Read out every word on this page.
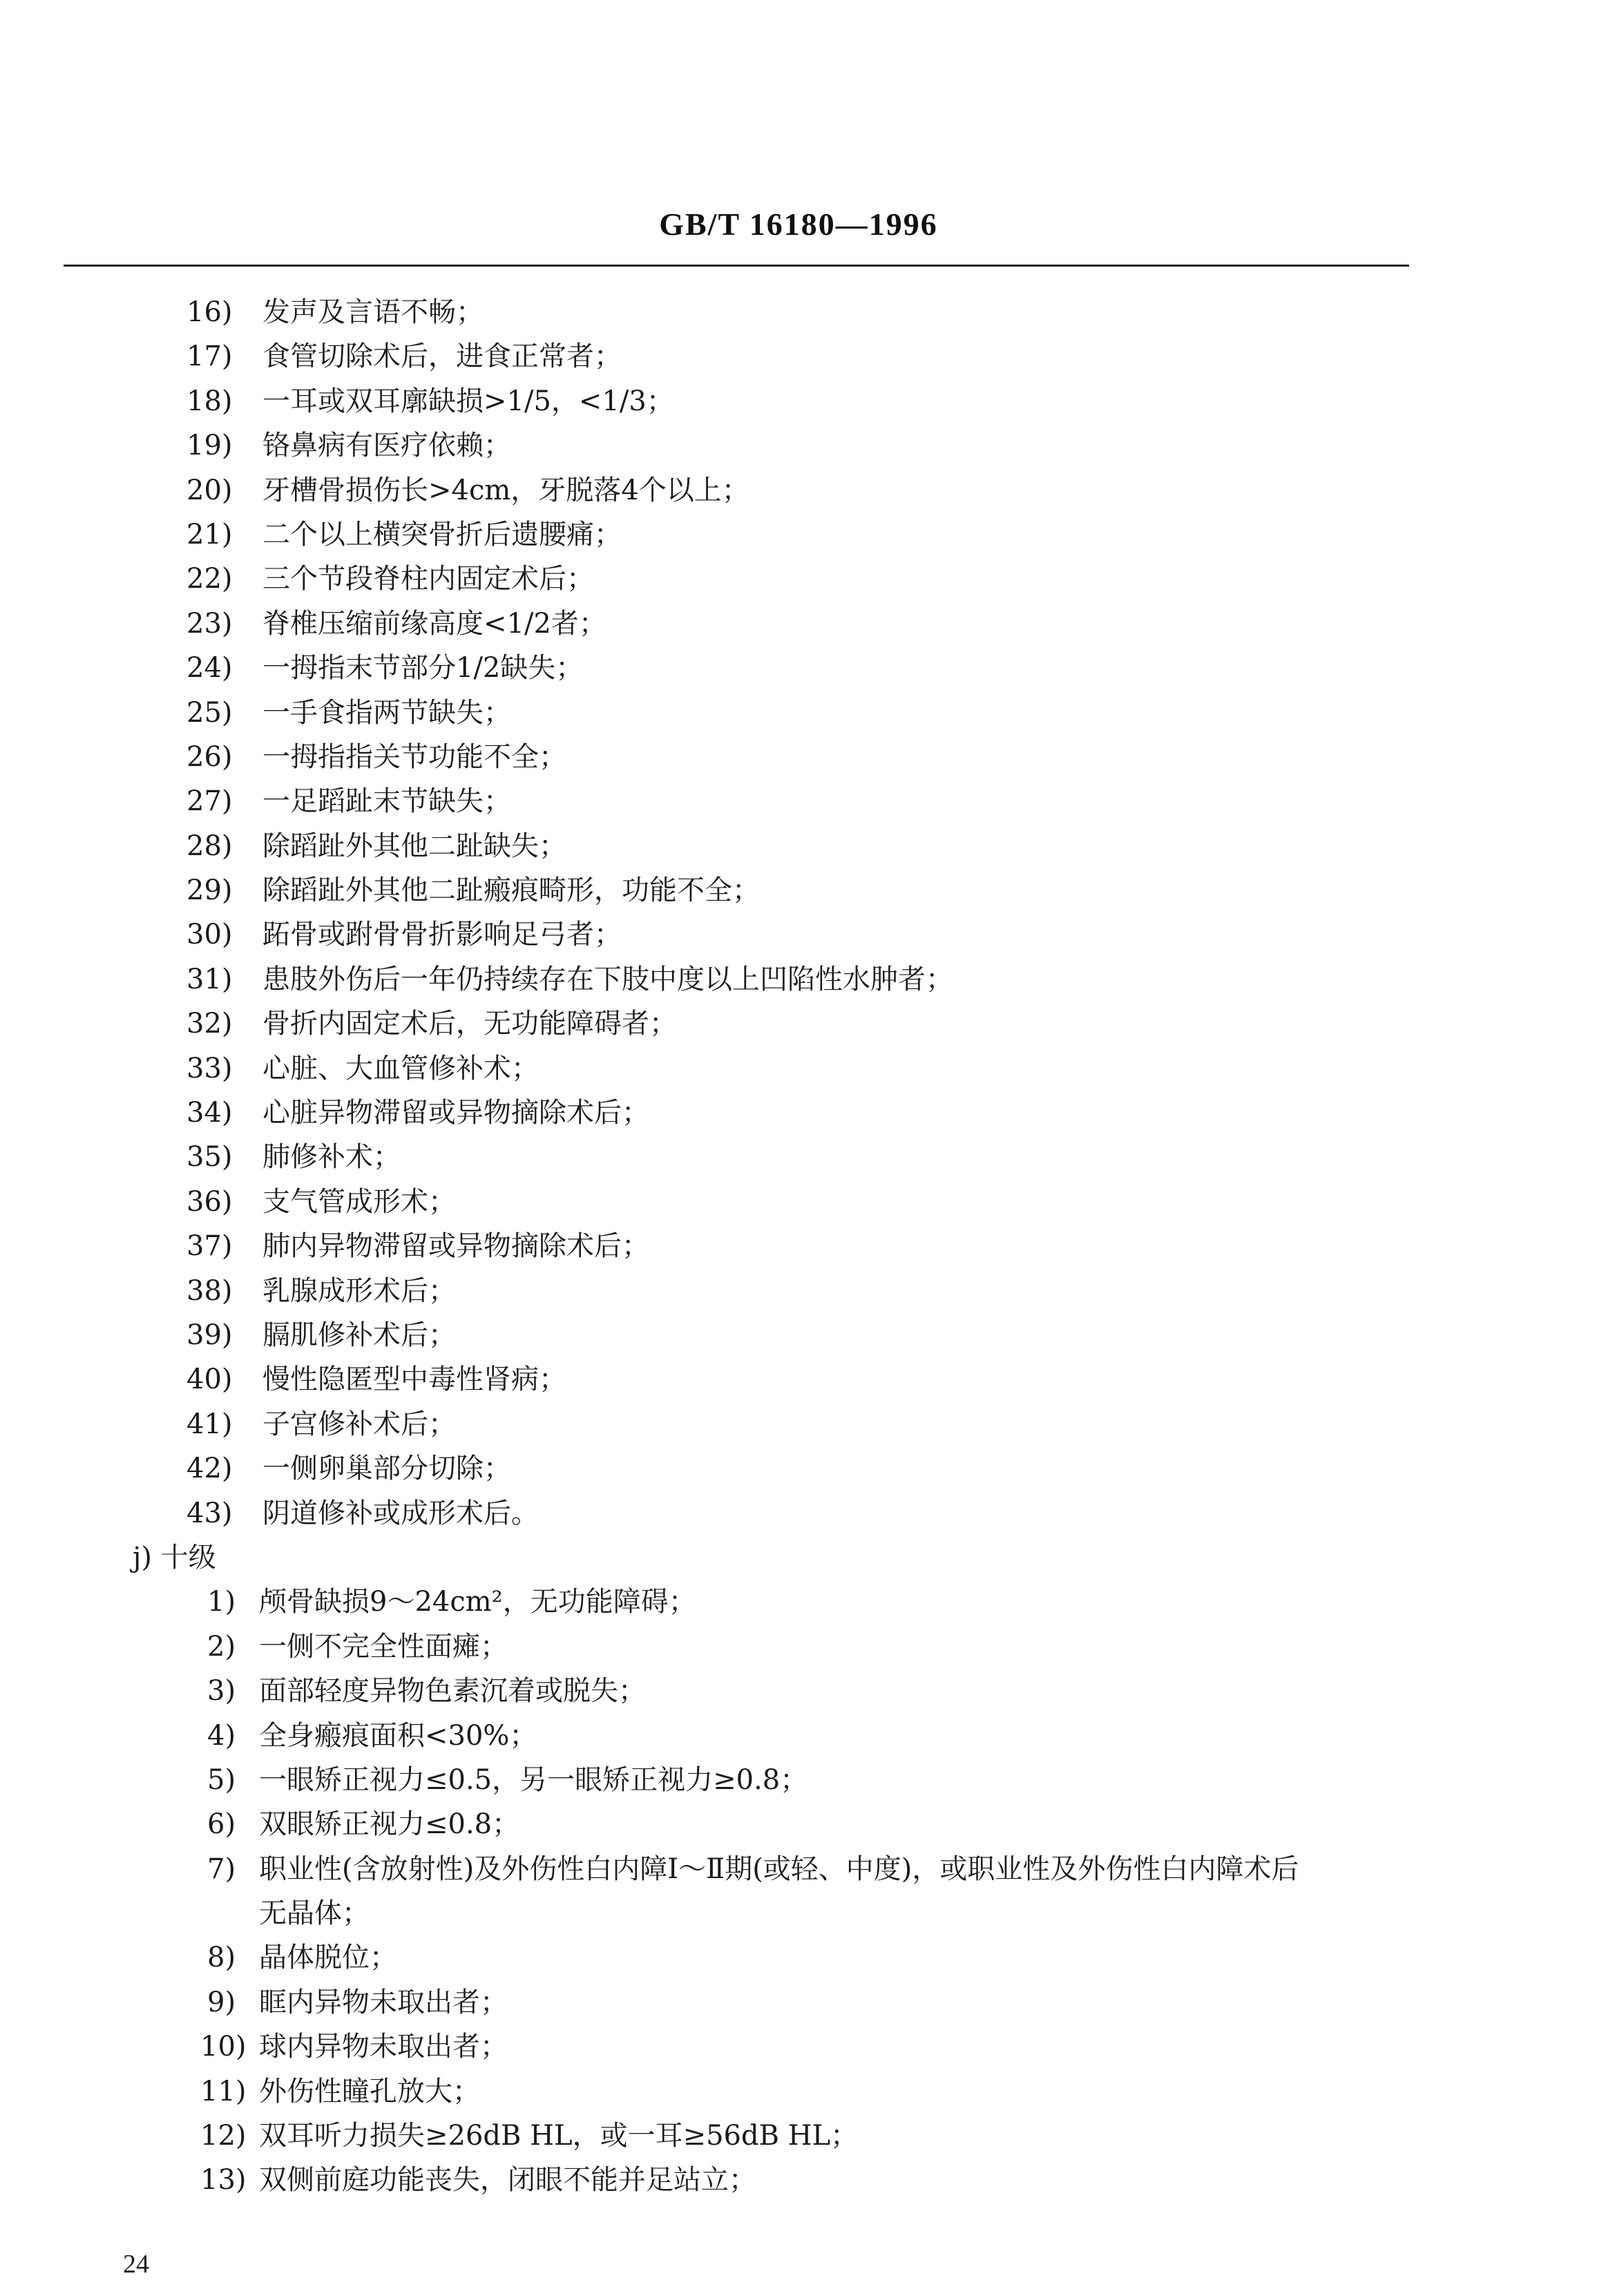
GB/T 16180—1996
16)	发声及言语不畅；
17)	食管切除术后，进食正常者；
18)	一耳或双耳廓缺损>1/5，<1/3；
19)	铬鼻病有医疗依赖；
20)	牙槽骨损伤长>4cm，牙脱落4个以上；
21)	二个以上横突骨折后遗腰痛；
22)	三个节段脊柱内固定术后；
23)	脊椎压缩前缘高度<1/2者；
24)	一拇指末节部分1/2缺失；
25)	一手食指两节缺失；
26)	一拇指指关节功能不全；
27)	一足蹈趾末节缺失；
28)	除蹈趾外其他二趾缺失；
29)	除蹈趾外其他二趾瘢痕畸形，功能不全；
30)	跖骨或跗骨骨折影响足弓者；
31)	患肢外伤后一年仍持续存在下肢中度以上凹陷性水肿者；
32)	骨折内固定术后，无功能障碍者；
33)	心脏、大血管修补术；
34)	心脏异物滞留或异物摘除术后；
35)	肺修补术；
36)	支气管成形术；
37)	肺内异物滞留或异物摘除术后；
38)	乳腺成形术后；
39)	膈肌修补术后；
40)	慢性隐匿型中毒性肾病；
41)	子宫修补术后；
42)	一侧卵巢部分切除；
43)	阴道修补或成形术后。
j) 十级
1) 颅骨缺损9～24cm²，无功能障碍；
2) 一侧不完全性面瘫；
3) 面部轻度异物色素沉着或脱失；
4) 全身瘢痕面积<30%；
5) 一眼矫正视力≤0.5，另一眼矫正视力≥0.8；
6) 双眼矫正视力≤0.8；
7) 职业性(含放射性)及外伤性白内障Ⅰ～Ⅱ期(或轻、中度)，或职业性及外伤性白内障术后
无晶体；
8) 晶体脱位；
9) 眶内异物未取出者；
10) 球内异物未取出者；
11) 外伤性瞳孔放大；
12) 双耳听力损失≥26dB HL，或一耳≥56dB HL；
13) 双侧前庭功能丧失，闭眼不能并足站立；
24
